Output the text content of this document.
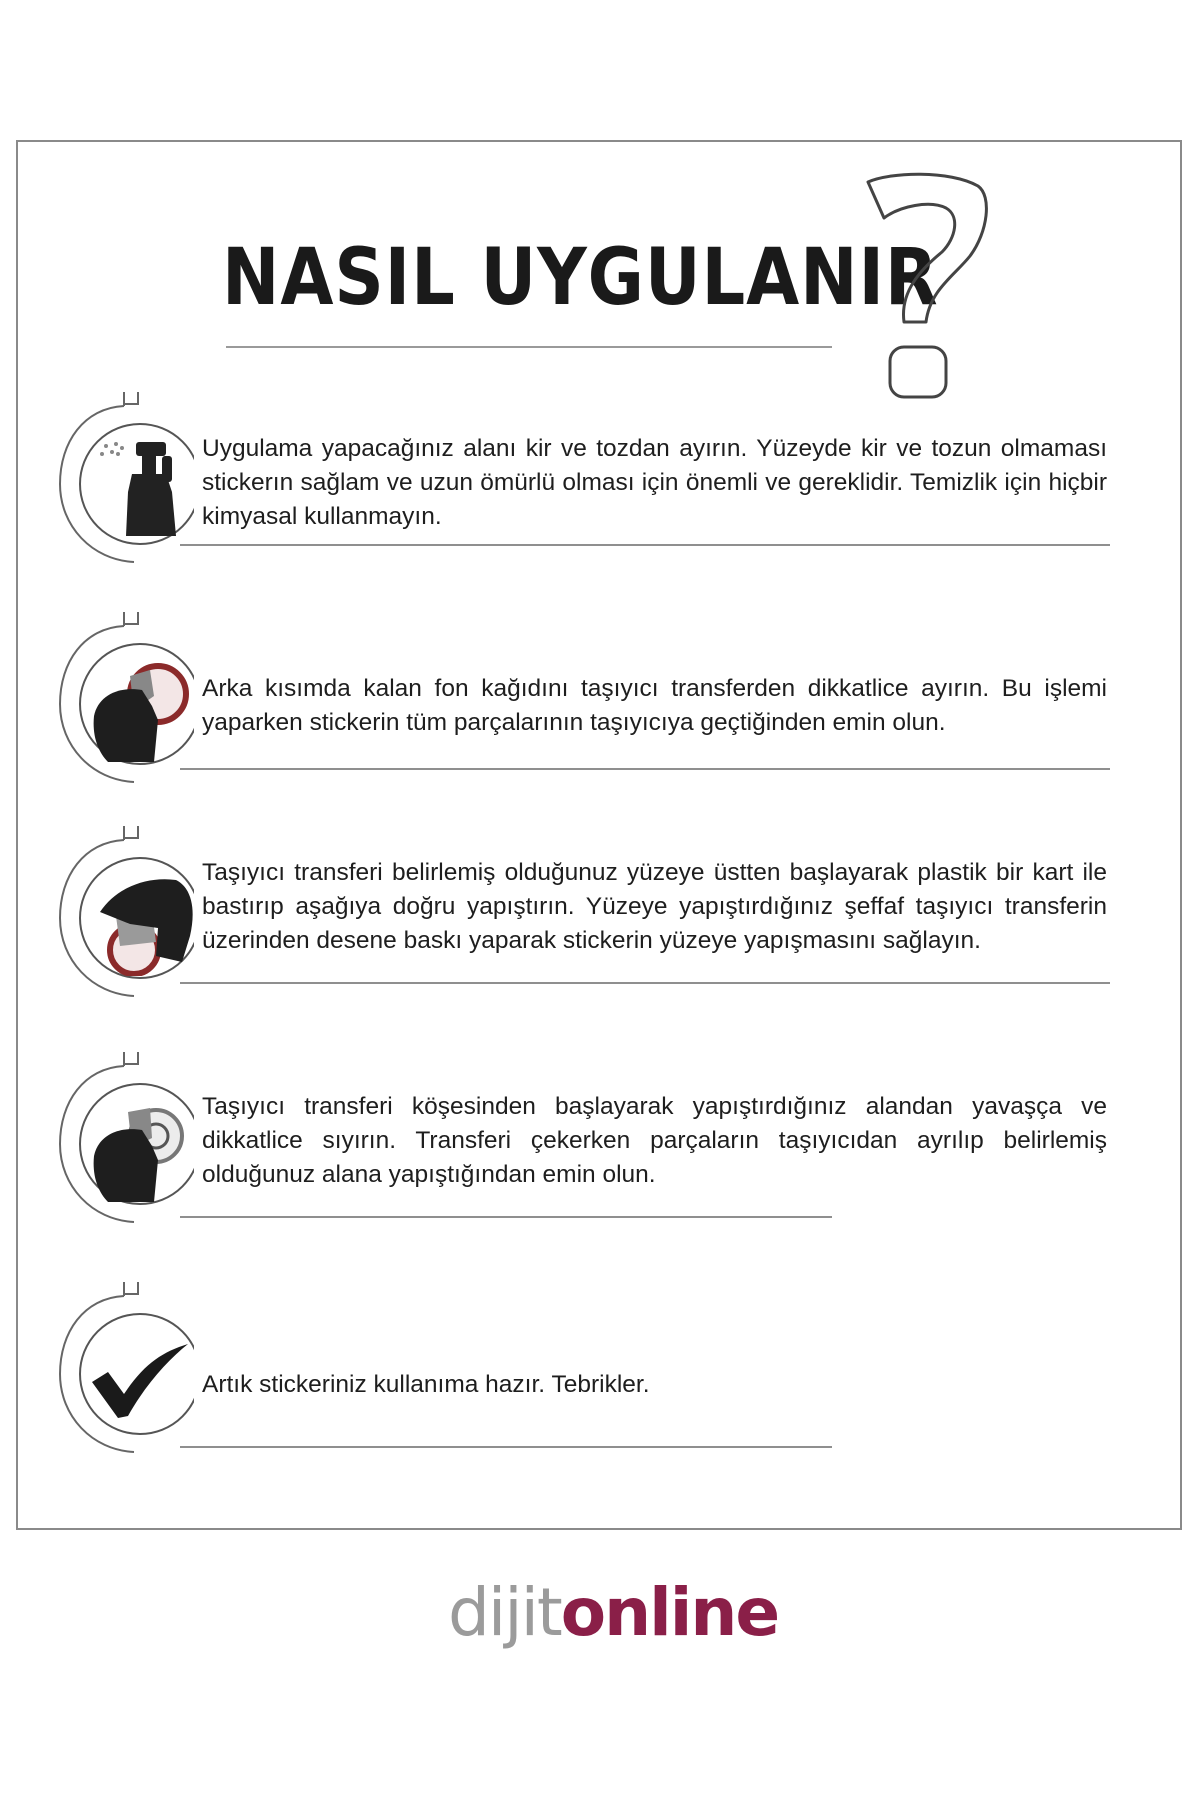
NASIL UYGULANIR
Uygulama yapacağınız alanı kir ve tozdan ayırın. Yüzeyde kir ve tozun olmaması stickerın sağlam ve uzun ömürlü olması için önemli ve gereklidir. Temizlik için hiçbir kimyasal kullanmayın.
Arka kısımda kalan fon kağıdını taşıyıcı transferden dikkatlice ayırın. Bu işlemi yaparken stickerin tüm parçalarının taşıyıcıya geçtiğinden emin olun.
Taşıyıcı transferi belirlemiş olduğunuz yüzeye üstten başlayarak plastik bir kart ile bastırıp aşağıya doğru yapıştırın. Yüzeye yapıştırdığınız şeffaf taşıyıcı transferin üzerinden desene baskı yaparak stickerin yüzeye yapışmasını sağlayın.
Taşıyıcı transferi köşesinden başlayarak yapıştırdığınız alandan yavaşça ve dikkatlice sıyırın. Transferi çekerken parçaların taşıyıcıdan ayrılıp belirlemiş olduğunuz alana yapıştığından emin olun.
Artık stickeriniz kullanıma hazır. Tebrikler.
dijitonline
